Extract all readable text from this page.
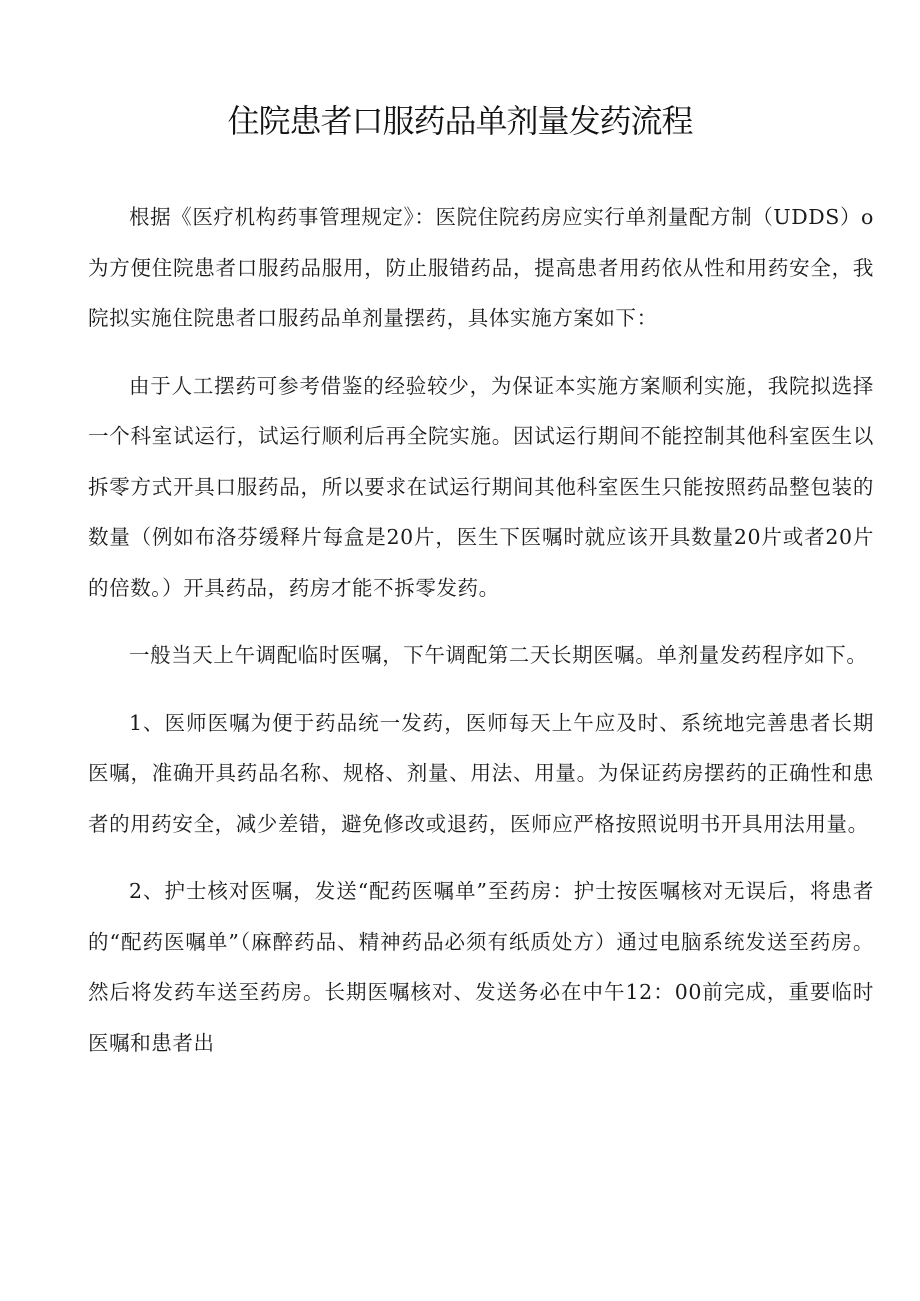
住院患者口服药品单剂量发药流程

根据《医疗机构药事管理规定》：医院住院药房应实行单剂量配方制（UDDS）o为方便住院患者口服药品服用，防止服错药品，提高患者用药依从性和用药安全，我院拟实施住院患者口服药品单剂量摆药，具体实施方案如下：

由于人工摆药可参考借鉴的经验较少，为保证本实施方案顺利实施，我院拟选择一个科室试运行，试运行顺利后再全院实施。因试运行期间不能控制其他科室医生以拆零方式开具口服药品，所以要求在试运行期间其他科室医生只能按照药品整包装的数量（例如布洛芬缓释片每盒是20片，医生下医嘱时就应该开具数量20片或者20片的倍数。）开具药品，药房才能不拆零发药。

一般当天上午调配临时医嘱，下午调配第二天长期医嘱。单剂量发药程序如下。

1、医师医嘱为便于药品统一发药，医师每天上午应及时、系统地完善患者长期医嘱，准确开具药品名称、规格、剂量、用法、用量。为保证药房摆药的正确性和患者的用药安全，减少差错，避免修改或退药，医师应严格按照说明书开具用法用量。

2、护士核对医嘱，发送“配药医嘱单”至药房：护士按医嘱核对无误后，将患者的“配药医嘱单”（麻醉药品、精神药品必须有纸质处方）通过电脑系统发送至药房。然后将发药车送至药房。长期医嘱核对、发送务必在中午12：00前完成，重要临时医嘱和患者出
